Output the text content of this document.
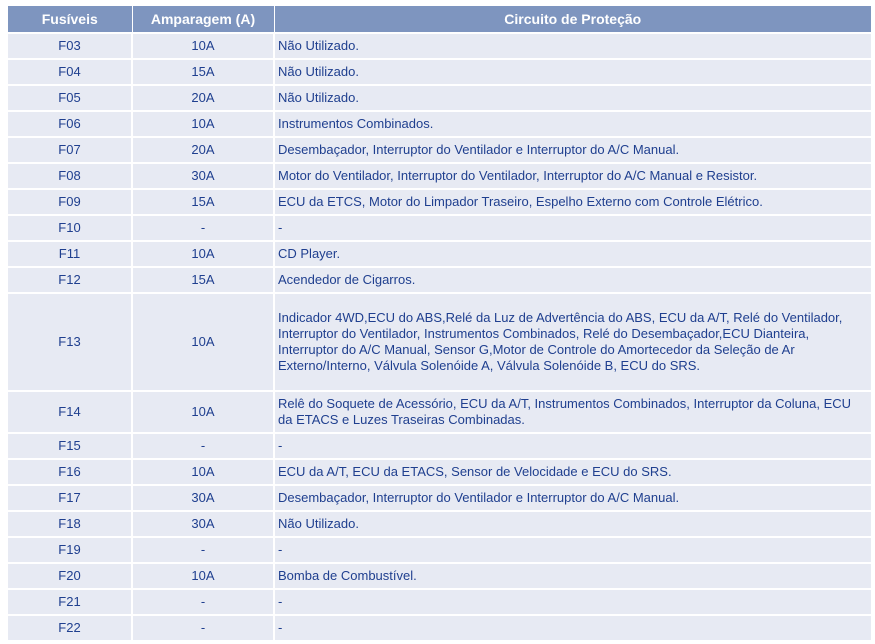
Fusíveis	Amparagem (A)	Circuito de Proteção
F03	10A	Não Utilizado.
F04	15A	Não Utilizado.
F05	20A	Não Utilizado.
F06	10A	Instrumentos Combinados.
F07	20A	Desembaçador, Interruptor do Ventilador e Interruptor do A/C Manual.
F08	30A	Motor do Ventilador, Interruptor do Ventilador, Interruptor do A/C Manual e Resistor.
F09	15A	ECU da ETCS, Motor do Limpador Traseiro, Espelho Externo com Controle Elétrico.
F10	-	-
F11	10A	CD Player.
F12	15A	Acendedor de Cigarros.
F13	10A	Indicador 4WD,ECU do ABS,Relé da Luz de Advertência do ABS, ECU da A/T, Relé do Ventilador, Interruptor do Ventilador, Instrumentos Combinados, Relé do Desembaçador,ECU Dianteira, Interruptor do A/C Manual, Sensor G,Motor de Controle do Amortecedor da Seleção de Ar Externo/Interno, Válvula Solenóide A, Válvula Solenóide B, ECU do SRS.
F14	10A	Relê do Soquete de Acessório, ECU da A/T, Instrumentos Combinados, Interruptor da Coluna, ECU da ETACS e Luzes Traseiras Combinadas.
F15	-	-
F16	10A	ECU da A/T, ECU da ETACS, Sensor de Velocidade e ECU do SRS.
F17	30A	Desembaçador, Interruptor do Ventilador e Interruptor do A/C Manual.
F18	30A	Não Utilizado.
F19	-	-
F20	10A	Bomba de Combustível.
F21	-	-
F22	-	-
